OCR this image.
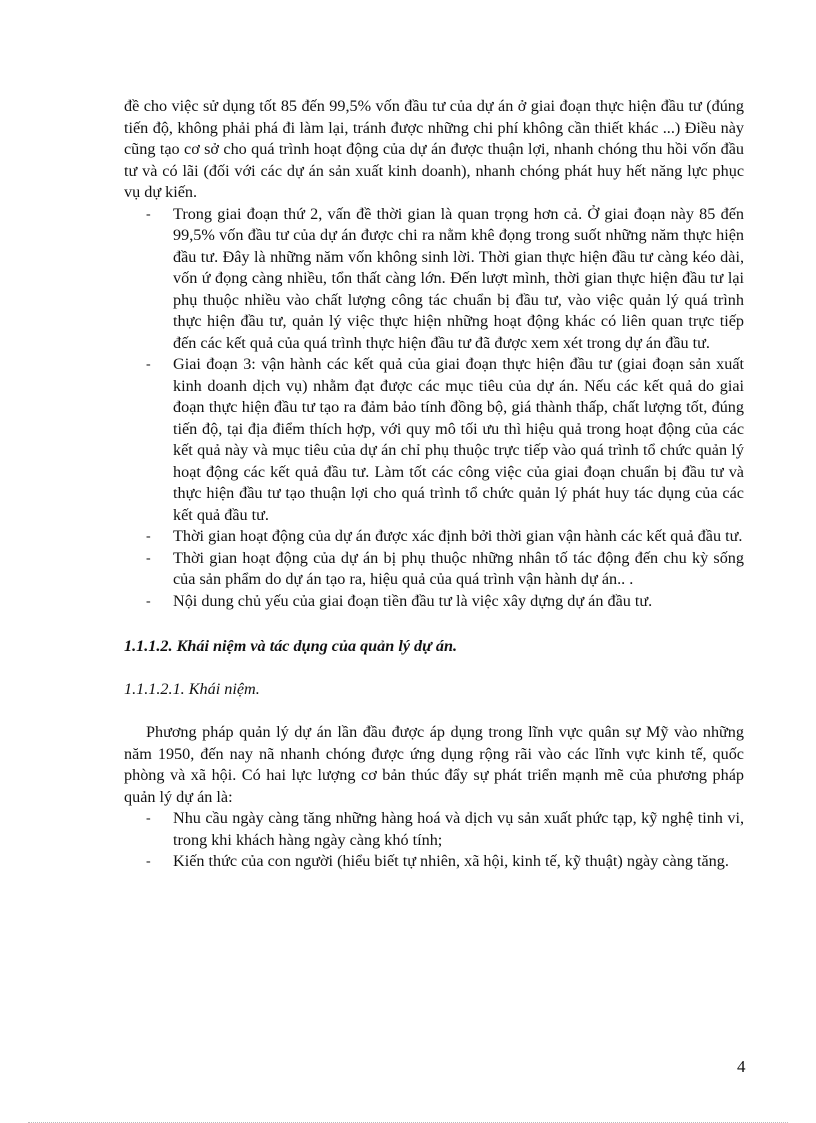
đề cho việc sử dụng tốt 85 đến 99,5% vốn đầu tư của dự án ở giai đoạn thực hiện đầu tư (đúng tiến độ, không phải phá đi làm lại, tránh được những chi phí không cần thiết khác ...) Điều này cũng tạo cơ sở cho quá trình hoạt động của dự án được thuận lợi, nhanh chóng thu hồi vốn đầu tư và có lãi (đối với các dự án sản xuất kinh doanh), nhanh chóng phát huy hết năng lực phục vụ dự kiến.

- Trong giai đoạn thứ 2, vấn đề thời gian là quan trọng hơn cả. Ở giai đoạn này 85 đến 99,5% vốn đầu tư của dự án được chi ra nằm khê đọng trong suốt những năm thực hiện đầu tư. Đây là những năm vốn không sinh lời. Thời gian thực hiện đầu tư càng kéo dài, vốn ứ đọng càng nhiều, tổn thất càng lớn. Đến lượt mình, thời gian thực hiện đầu tư lại phụ thuộc nhiều vào chất lượng công tác chuẩn bị đầu tư, vào việc quản lý quá trình thực hiện đầu tư, quản lý việc thực hiện những hoạt động khác có liên quan trực tiếp đến các kết quả của quá trình thực hiện đầu tư đã được xem xét trong dự án đầu tư.
- Giai đoạn 3: vận hành các kết quả của giai đoạn thực hiện đầu tư (giai đoạn sản xuất kinh doanh dịch vụ) nhằm đạt được các mục tiêu của dự án. Nếu các kết quả do giai đoạn thực hiện đầu tư tạo ra đảm bảo tính đồng bộ, giá thành thấp, chất lượng tốt, đúng tiến độ, tại địa điểm thích hợp, với quy mô tối ưu thì hiệu quả trong hoạt động của các kết quả này và mục tiêu của dự án chỉ phụ thuộc trực tiếp vào quá trình tổ chức quản lý hoạt động các kết quả đầu tư. Làm tốt các công việc của giai đoạn chuẩn bị đầu tư và thực hiện đầu tư tạo thuận lợi cho quá trình tổ chức quản lý phát huy tác dụng của các kết quả đầu tư.
- Thời gian hoạt động của dự án được xác định bởi thời gian vận hành các kết quả đầu tư.
- Thời gian hoạt động của dự án bị phụ thuộc những nhân tố tác động đến chu kỳ sống của sản phẩm do dự án tạo ra, hiệu quả của quá trình vận hành dự án.. .
- Nội dung chủ yếu của giai đoạn tiền đầu tư là việc xây dựng dự án đầu tư.

1.1.1.2. Khái niệm và tác dụng của quản lý dự án.

1.1.1.2.1. Khái niệm.

Phương pháp quản lý dự án lần đầu được áp dụng trong lĩnh vực quân sự Mỹ vào những năm 1950, đến nay nã nhanh chóng được ứng dụng rộng rãi vào các lĩnh vực kinh tế, quốc phòng và xã hội. Có hai lực lượng cơ bản thúc đẩy sự phát triển mạnh mẽ của phương pháp quản lý dự án là:

- Nhu cầu ngày càng tăng những hàng hoá và dịch vụ sản xuất phức tạp, kỹ nghệ tinh vi, trong khi khách hàng ngày càng khó tính;
- Kiến thức của con người (hiểu biết tự nhiên, xã hội, kinh tế, kỹ thuật) ngày càng tăng.
4
